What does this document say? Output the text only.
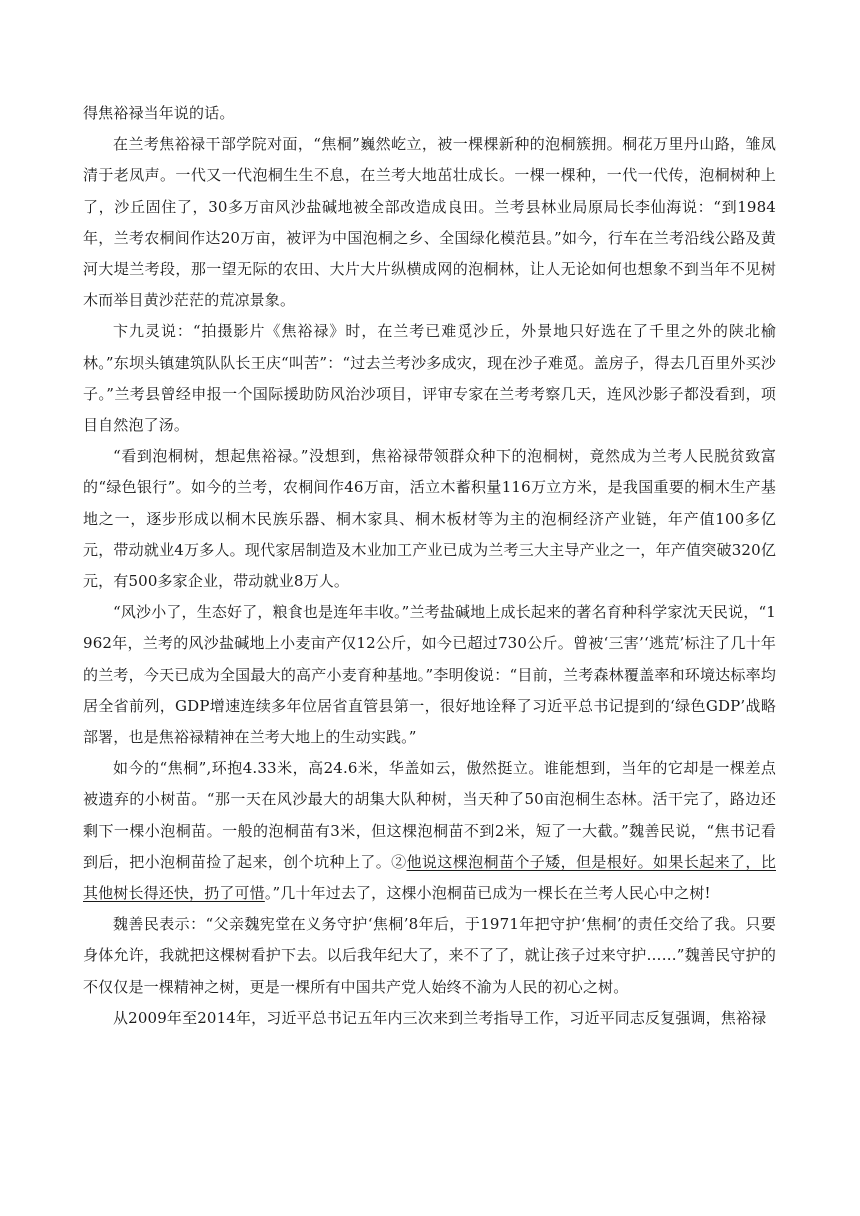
得焦裕禄当年说的话。

在兰考焦裕禄干部学院对面，“焦桐”巍然屹立，被一棵棵新种的泡桐簇拥。桐花万里丹山路，雏凤清于老凤声。一代又一代泡桐生生不息，在兰考大地茁壮成长。一棵一棵种，一代一代传，泡桐树种上了，沙丘固住了，30多万亩风沙盐碱地被全部改造成良田。兰考县林业局原局长李仙海说：“到1984年，兰考农桐间作达20万亩，被评为中国泡桐之乡、全国绿化模范县。”如今，行车在兰考沿线公路及黄河大堤兰考段，那一望无际的农田、大片大片纵横成网的泡桐林，让人无论如何也想象不到当年不见树木而举目黄沙茫茫的荒凉景象。

卞九灵说：“拍摄影片《焦裕禄》时，在兰考已难觅沙丘，外景地只好选在了千里之外的陕北榆林。”东坝头镇建筑队队长王庆“叫苦”：“过去兰考沙多成灾，现在沙子难觅。盖房子，得去几百里外买沙子。”兰考县曾经申报一个国际援助防风治沙项目，评审专家在兰考考察几天，连风沙影子都没看到，项目自然泡了汤。

“看到泡桐树，想起焦裕禄。”没想到，焦裕禄带领群众种下的泡桐树，竟然成为兰考人民脱贫致富的“绿色银行”。如今的兰考，农桐间作46万亩，活立木蓄积量116万立方米，是我国重要的桐木生产基地之一，逐步形成以桐木民族乐器、桐木家具、桐木板材等为主的泡桐经济产业链，年产值100多亿元，带动就业4万多人。现代家居制造及木业加工产业已成为兰考三大主导产业之一，年产值突破320亿元，有500多家企业，带动就业8万人。

“风沙小了，生态好了，粮食也是连年丰收。”兰考盐碱地上成长起来的著名育种科学家沈天民说，“1962年，兰考的风沙盐碱地上小麦亩产仅12公斤，如今已超过730公斤。曾被‘三害’‘逃荒’标注了几十年的兰考，今天已成为全国最大的高产小麦育种基地。”李明俊说：“目前，兰考森林覆盖率和环境达标率均居全省前列，GDP增速连续多年位居省直管县第一，很好地诠释了习近平总书记提到的‘绿色GDP’战略部署，也是焦裕禄精神在兰考大地上的生动实践。”

如今的“焦桐”,环抱4.33米，高24.6米，华盖如云，傲然挺立。谁能想到，当年的它却是一棵差点被遗弃的小树苗。“那一天在风沙最大的胡集大队种树，当天种了50亩泡桐生态林。活干完了，路边还剩下一棵小泡桐苗。一般的泡桐苗有3米，但这棵泡桐苗不到2米，短了一大截。”魏善民说，“焦书记看到后，把小泡桐苗捡了起来，创个坑种上了。②他说这棵泡桐苗个子矮，但是根好。如果长起来了，比其他树长得还快，扔了可惜。”几十年过去了，这棵小泡桐苗已成为一棵长在兰考人民心中之树!

魏善民表示：“父亲魏宪堂在义务守护‘焦桐’8年后，于1971年把守护‘焦桐’的责任交给了我。只要身体允许，我就把这棵树看护下去。以后我年纪大了，来不了了，就让孩子过来守护……”魏善民守护的不仅仅是一棵精神之树，更是一棵所有中国共产党人始终不渝为人民的初心之树。

从2009年至2014年，习近平总书记五年内三次来到兰考指导工作，习近平同志反复强调，焦裕禄
